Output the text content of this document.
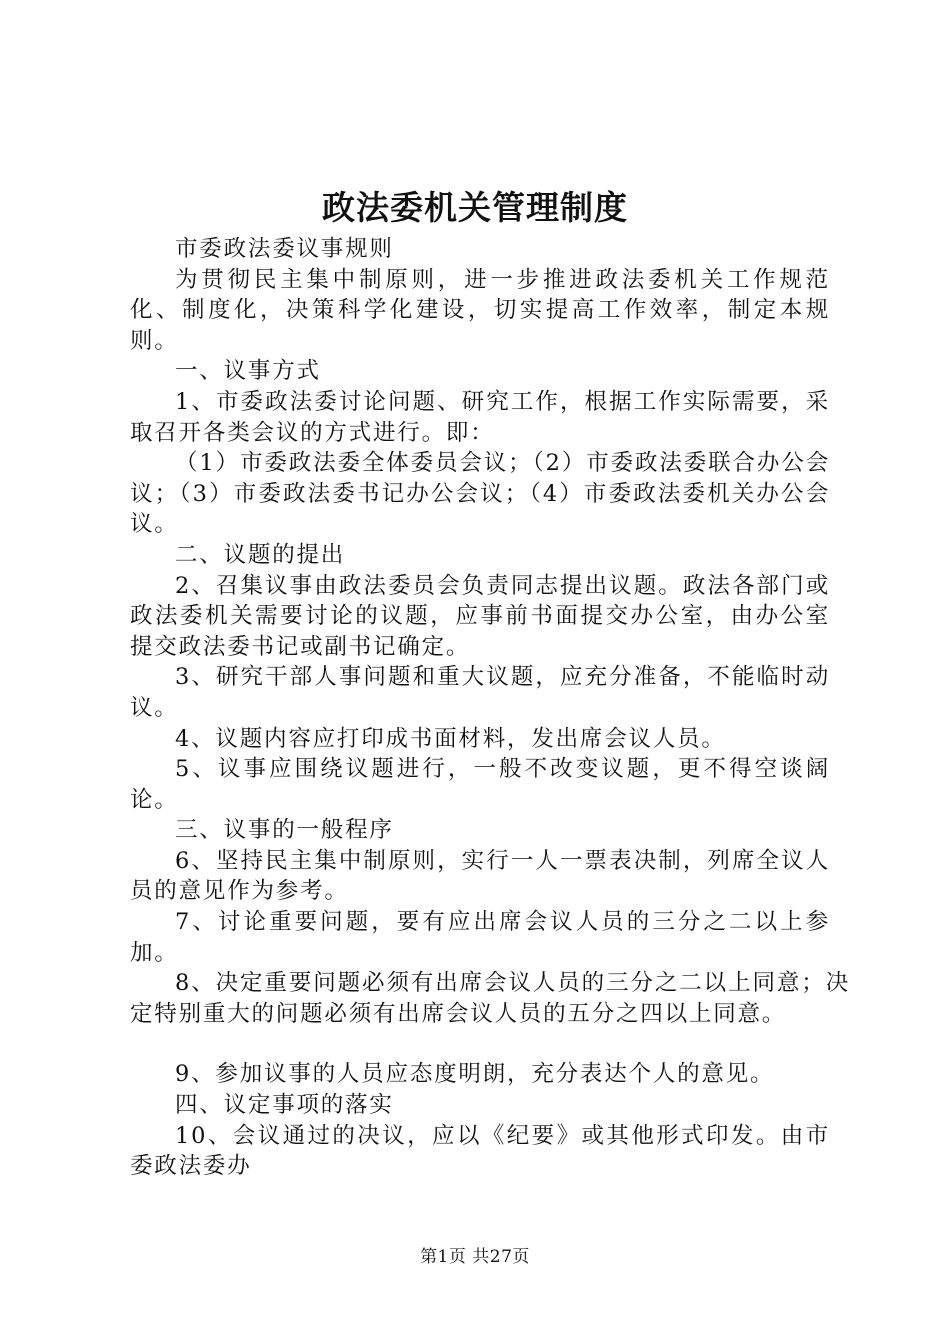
政法委机关管理制度

市委政法委议事规则

为贯彻民主集中制原则，进一步推进政法委机关工作规范化、制度化，决策科学化建设，切实提高工作效率，制定本规则。

一、议事方式

1、市委政法委讨论问题、研究工作，根据工作实际需要，采取召开各类会议的方式进行。即：

（1）市委政法委全体委员会议；（2）市委政法委联合办公会议；（3）市委政法委书记办公会议；（4）市委政法委机关办公会议。

二、议题的提出

2、召集议事由政法委员会负责同志提出议题。政法各部门或政法委机关需要讨论的议题，应事前书面提交办公室，由办公室提交政法委书记或副书记确定。

3、研究干部人事问题和重大议题，应充分准备，不能临时动议。

4、议题内容应打印成书面材料，发出席会议人员。

5、议事应围绕议题进行，一般不改变议题，更不得空谈阔论。

三、议事的一般程序

6、坚持民主集中制原则，实行一人一票表决制，列席全议人员的意见作为参考。

7、讨论重要问题，要有应出席会议人员的三分之二以上参加。

8、决定重要问题必须有出席会议人员的三分之二以上同意；决定特别重大的问题必须有出席会议人员的五分之四以上同意。

9、参加议事的人员应态度明朗，充分表达个人的意见。

四、议定事项的落实

10、会议通过的决议，应以《纪要》或其他形式印发。由市委政法委办

第1页 共27页
